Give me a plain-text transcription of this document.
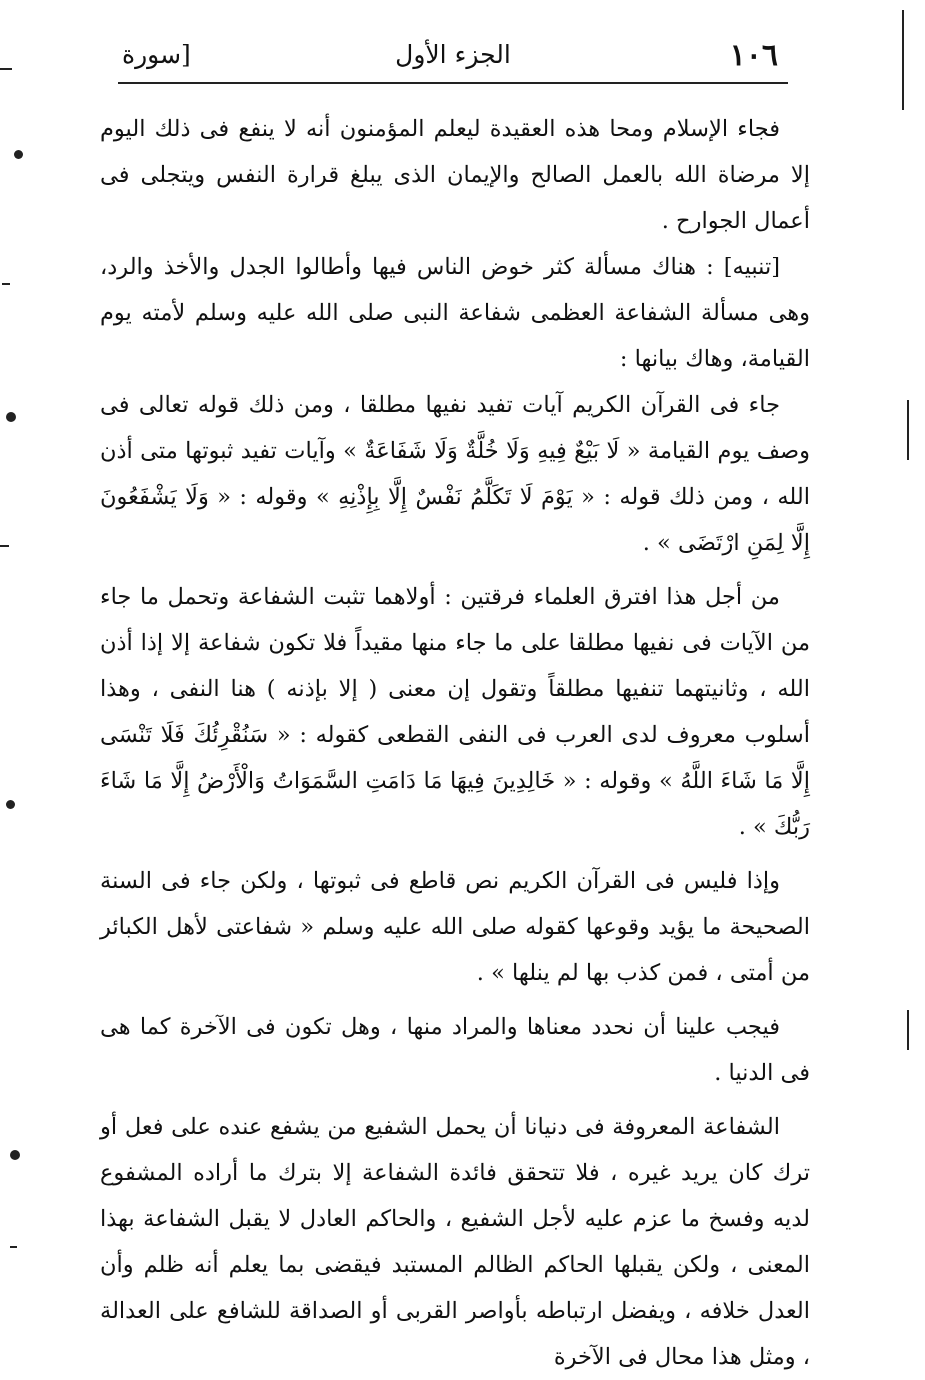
١٠٦
الجزء الأول
[سورة

فجاء الإسلام ومحا هذه العقيدة ليعلم المؤمنون أنه لا ينفع فى ذلك اليوم إلا مرضاة الله بالعمل الصالح والإيمان الذى يبلغ قرارة النفس ويتجلى فى أعمال الجوارح .

[تنبيه] : هناك مسألة كثر خوض الناس فيها وأطالوا الجدل والأخذ والرد، وهى مسألة الشفاعة العظمى شفاعة النبى صلى الله عليه وسلم لأمته يوم القيامة، وهاك بيانها :

جاء فى القرآن الكريم آيات تفيد نفيها مطلقا ، ومن ذلك قوله تعالى فى وصف يوم القيامة « لَا بَيْعٌ فِيهِ وَلَا خُلَّةٌ وَلَا شَفَاعَةٌ » وآيات تفيد ثبوتها متى أذن الله ، ومن ذلك قوله : « يَوْمَ لَا تَكَلَّمُ نَفْسٌ إِلَّا بِإِذْنِهِ » وقوله : « وَلَا يَشْفَعُونَ إِلَّا لِمَنِ ارْتَضَى » .

من أجل هذا افترق العلماء فرقتين : أولاهما تثبت الشفاعة وتحمل ما جاء من الآيات فى نفيها مطلقا على ما جاء منها مقيداً فلا تكون شفاعة إلا إذا أذن الله ، وثانيتهما تنفيها مطلقاً وتقول إن معنى ( إلا بإذنه ) هنا النفى ، وهذا أسلوب معروف لدى العرب فى النفى القطعى كقوله : « سَنُقْرِئُكَ فَلَا تَنْسَى إِلَّا مَا شَاءَ اللَّهُ » وقوله : « خَالِدِينَ فِيهَا مَا دَامَتِ السَّمَوَاتُ وَالْأَرْضُ إِلَّا مَا شَاءَ رَبُّكَ » .

وإذا فليس فى القرآن الكريم نص قاطع فى ثبوتها ، ولكن جاء فى السنة الصحيحة ما يؤيد وقوعها كقوله صلى الله عليه وسلم « شفاعتى لأهل الكبائر من أمتى ، فمن كذب بها لم ينلها » .

فيجب علينا أن نحدد معناها والمراد منها ، وهل تكون فى الآخرة كما هى فى الدنيا .

الشفاعة المعروفة فى دنيانا أن يحمل الشفيع من يشفع عنده على فعل أو ترك كان يريد غيره ، فلا تتحقق فائدة الشفاعة إلا بترك ما أراده المشفوع لديه وفسخ ما عزم عليه لأجل الشفيع ، والحاكم العادل لا يقبل الشفاعة بهذا المعنى ، ولكن يقبلها الحاكم الظالم المستبد فيقضى بما يعلم أنه ظلم وأن العدل خلافه ، ويفضل ارتباطه بأواصر القربى أو الصداقة للشافع على العدالة ، ومثل هذا محال فى الآخرة
